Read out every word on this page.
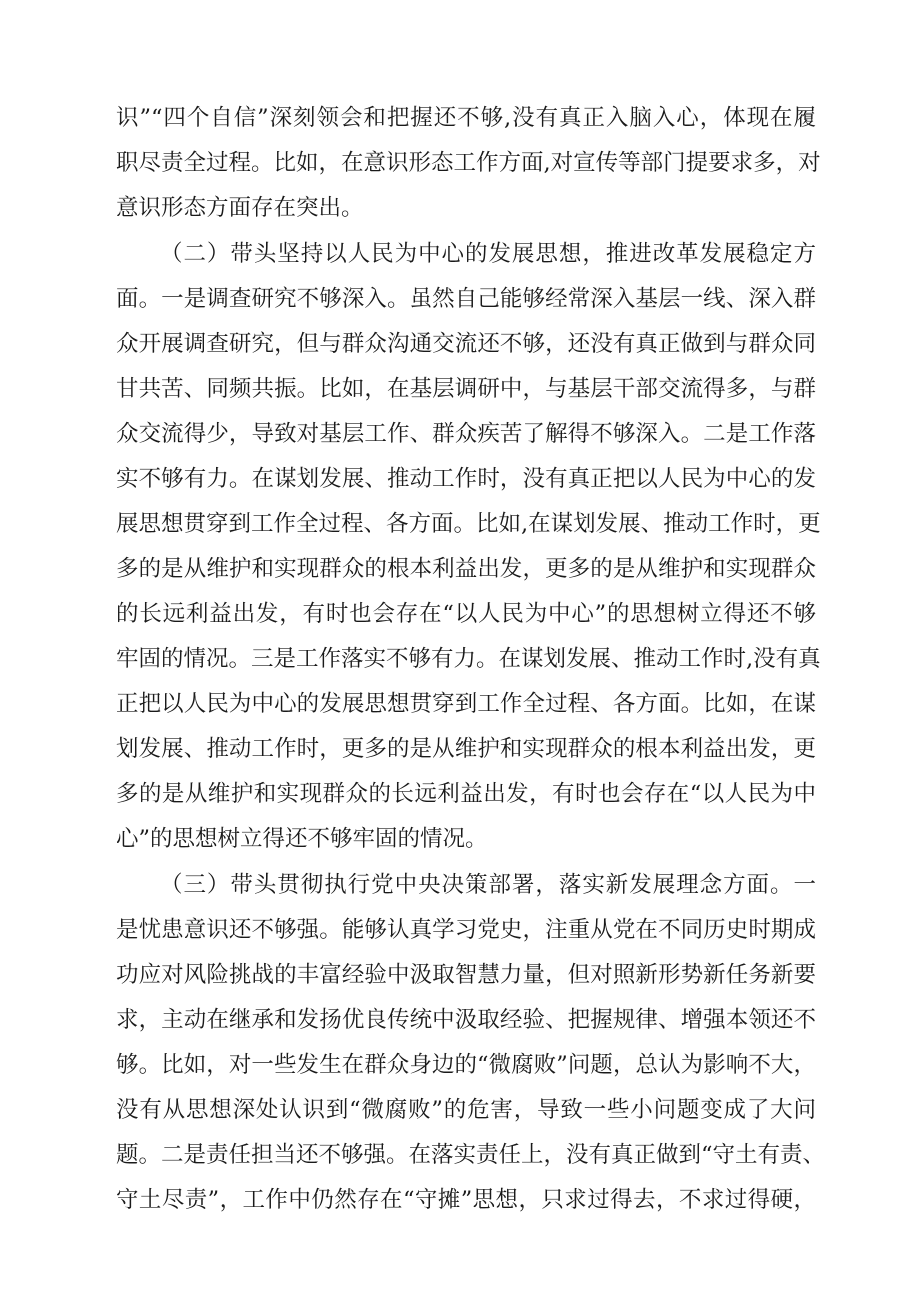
识”“四个自信”深刻领会和把握还不够,没有真正入脑入心，体现在履
职尽责全过程。比如，在意识形态工作方面,对宣传等部门提要求多，对
意识形态方面存在突出。
（二）带头坚持以人民为中心的发展思想，推进改革发展稳定方
面。一是调查研究不够深入。虽然自己能够经常深入基层一线、深入群
众开展调查研究，但与群众沟通交流还不够，还没有真正做到与群众同
甘共苦、同频共振。比如，在基层调研中，与基层干部交流得多，与群
众交流得少，导致对基层工作、群众疾苦了解得不够深入。二是工作落
实不够有力。在谋划发展、推动工作时，没有真正把以人民为中心的发
展思想贯穿到工作全过程、各方面。比如,在谋划发展、推动工作时，更
多的是从维护和实现群众的根本利益出发，更多的是从维护和实现群众
的长远利益出发，有时也会存在“以人民为中心”的思想树立得还不够
牢固的情况。三是工作落实不够有力。在谋划发展、推动工作时,没有真
正把以人民为中心的发展思想贯穿到工作全过程、各方面。比如，在谋
划发展、推动工作时，更多的是从维护和实现群众的根本利益出发，更
多的是从维护和实现群众的长远利益出发，有时也会存在“以人民为中
心”的思想树立得还不够牢固的情况。
（三）带头贯彻执行党中央决策部署，落实新发展理念方面。一
是忧患意识还不够强。能够认真学习党史，注重从党在不同历史时期成
功应对风险挑战的丰富经验中汲取智慧力量，但对照新形势新任务新要
求，主动在继承和发扬优良传统中汲取经验、把握规律、增强本领还不
够。比如，对一些发生在群众身边的“微腐败”问题，总认为影响不大，
没有从思想深处认识到“微腐败”的危害，导致一些小问题变成了大问
题。二是责任担当还不够强。在落实责任上，没有真正做到“守土有责、
守土尽责”，工作中仍然存在“守摊”思想，只求过得去，不求过得硬，
